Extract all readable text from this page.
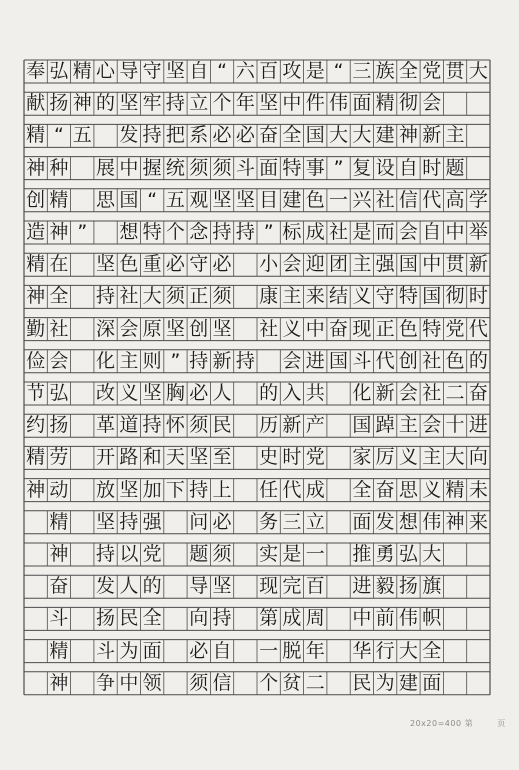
奉 弘 精 心 导 守 坚 自 “ 六 百 攻 是 “ 三 族 全 党 贯 大
献 扬 神 的 坚 牢 持 立 个 年 坚 中 件 伟 面 精 彻 会
精 “ 五 发 持 把 系 必 必 奋 全 国 大 大 建 神 新 主
神 种 展 中 握 统 须 须 斗 面 特 事 ” 复 设 自 时 题
创 精 思 国 “ 五 观 坚 坚 目 建 色 一 兴 社 信 代 高 学
造 神 ”	想 特 个 念 持 持 ” 标 成 社 是 而 会 自 中 举
精 在 坚 色 重 必 守 必 小 会 迎 团 主 强 国 中 贯 新
神 全 持 社 大 须 正 须 康 主 来 结 义 守 特 国 彻 时
勤 社 深 会 原 坚 创 坚 社 义 中 奋 现 正 色 特 党 代
俭 会 化 主 则 ” 持 新 持 会 进 国 斗 代 创 社 色 的
节 弘 改 义 坚 胸 必 人 的 入 共 化 新 会 社 二 奋
约 扬 革 道 持 怀 须 民 历 新 产 国 踔 主 会 十 进
精 劳 开 路 和 天 坚 至 史 时 党 家 厉 义 主 大 向
神 动 放 坚 加 下 持 上 任 代 成 全 奋 思 义 精 未
精 坚 持 强 问 必 务 三 立 面 发 想 伟 神 来
神 持 以 党 题 须 实 是 一 推 勇 弘 大
奋 发 人 的 导 坚 现 完 百 进 毅 扬 旗
斗 扬 民 全 向 持 第 成 周 中 前 伟 帜
精 斗 为 面 必 自 一 脱 年 华 行 大 全
神 争 中 领 须 信 个 贫 二 民 为 建 面
20x20=400 第	页
